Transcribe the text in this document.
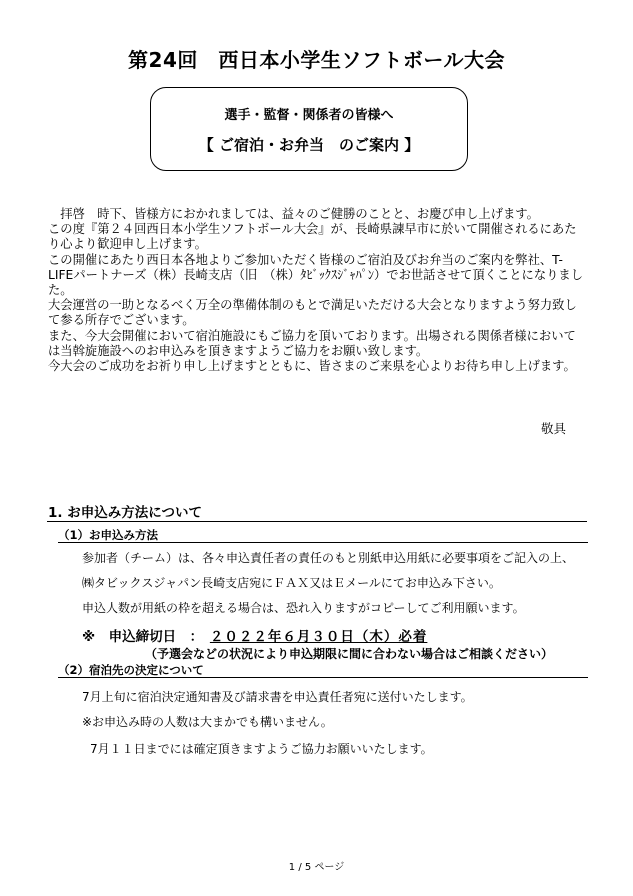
第24回　西日本小学生ソフトボール大会
選手・監督・関係者の皆様へ
【 ご宿泊・お弁当　のご案内 】

　拝啓　時下、皆様方におかれましては、益々のご健勝のことと、お慶び申し上げます。

この度『第２４回西日本小学生ソフトボール大会』が、長崎県諫早市に於いて開催されるにあたり心より歓迎申し上げます。

この開催にあたり西日本各地よりご参加いただく皆様のご宿泊及びお弁当のご案内を弊社、T-LIFEパートナーズ（株）長崎支店（旧　（株）ﾀﾋﾞｯｸｽｼﾞｬﾊﾟﾝ）でお世話させて頂くことになりました。

大会運営の一助となるべく万全の準備体制のもとで満足いただける大会となりますよう努力致して参る所存でございます。

また、今大会開催において宿泊施設にもご協力を頂いております。出場される関係者様においては当斡旋施設へのお申込みを頂きますようご協力をお願い致します。

今大会のご成功をお祈り申し上げますとともに、皆さまのご来県を心よりお待ち申し上げます。

敬具
1. お申込み方法について
（1）お申込み方法
参加者（チーム）は、各々申込責任者の責任のもと別紙申込用紙に必要事項をご記入の上、
㈱タビックスジャパン長崎支店宛にＦＡＸ又はＥメールにてお申込み下さい。
申込人数が用紙の枠を超える場合は、恐れ入りますがコピーしてご利用願います。
※　申込締切日　：　２０２２年６月３０日（木）必着
（予選会などの状況により申込期限に間に合わない場合はご相談ください）
（2）宿泊先の決定について
7月上旬に宿泊決定通知書及び請求書を申込責任者宛に送付いたします。
※お申込み時の人数は大まかでも構いません。
7月１１日までには確定頂きますようご協力お願いいたします。
1 / 5 ページ
